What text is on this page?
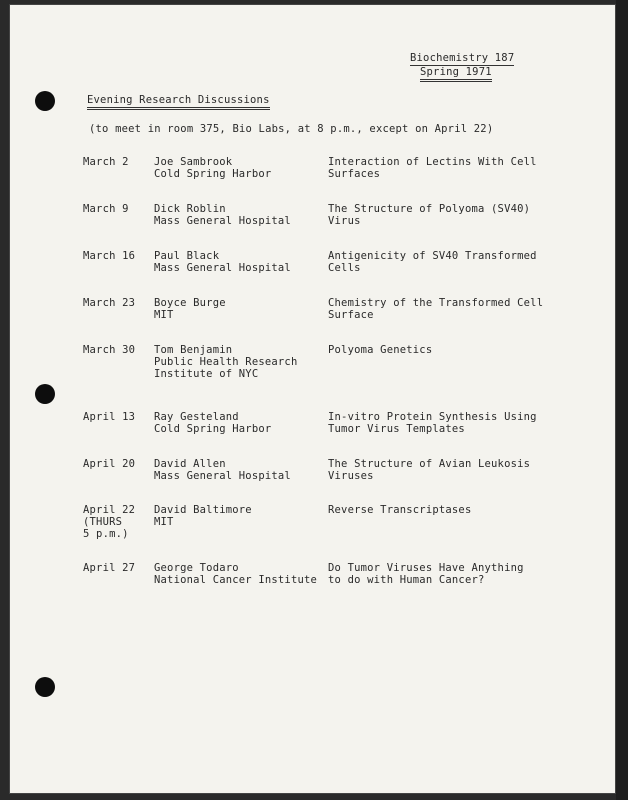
Biochemistry 187
Spring 1971
Evening Research Discussions
(to meet in room 375, Bio Labs, at 8 p.m., except on April 22)
March 2 Joe Sambrook
Cold Spring Harbor
Interaction of Lectins With Cell
Surfaces
March 9 Dick Roblin
Mass General Hospital
The Structure of Polyoma (SV40)
Virus
March 16 Paul Black
Mass General Hospital
Antigenicity of SV40 Transformed
Cells
March 23 Boyce Burge
MIT
Chemistry of the Transformed Cell
Surface
March 30 Tom Benjamin
Public Health Research
Institute of NYC
Polyoma Genetics
April 13 Ray Gesteland
Cold Spring Harbor
In-vitro Protein Synthesis Using
Tumor Virus Templates
April 20 David Allen
Mass General Hospital
The Structure of Avian Leukosis
Viruses
April 22
(THURS
5 p.m.)
David Baltimore
MIT
Reverse Transcriptases
April 27 George Todaro
National Cancer Institute
Do Tumor Viruses Have Anything
to do with Human Cancer?
